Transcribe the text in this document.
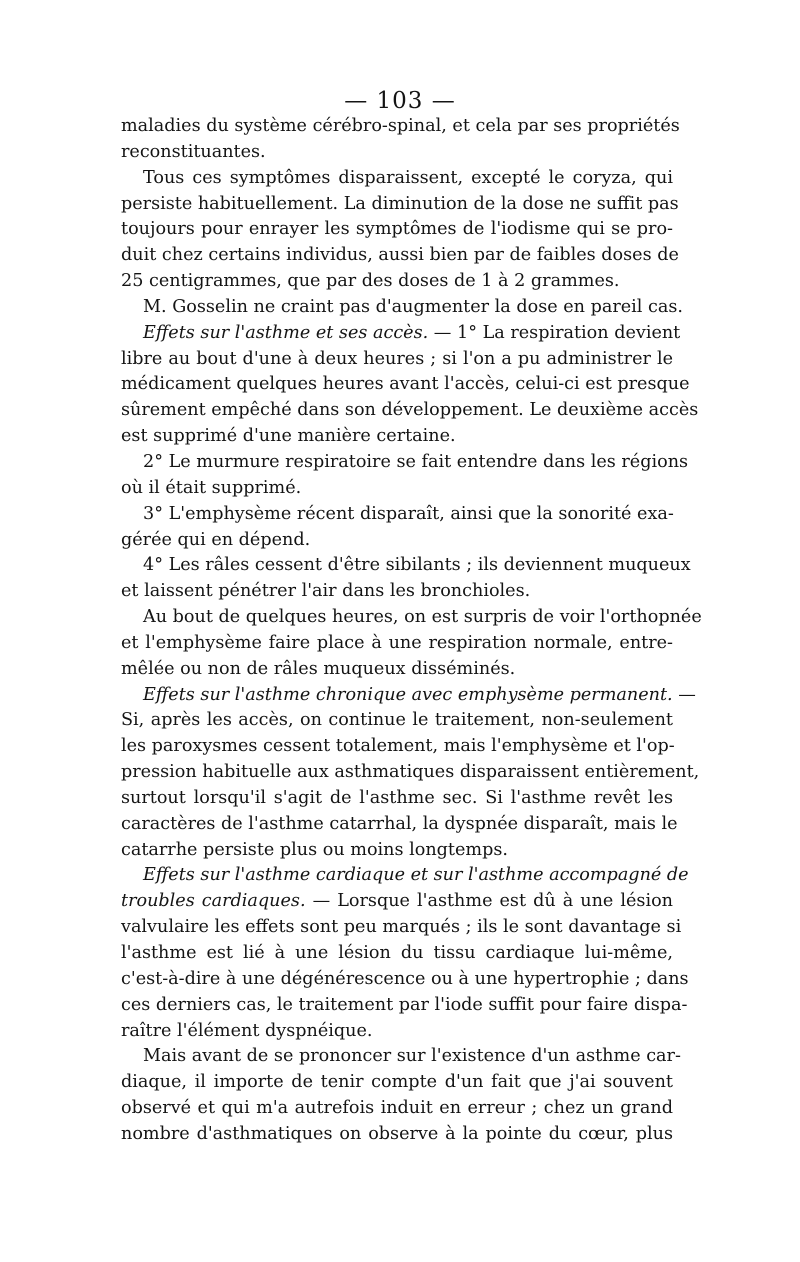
— 103 —
maladies du système cérébro-spinal, et cela par ses propriétés
reconstituantes.
Tous ces symptômes disparaissent, excepté le coryza, qui
persiste habituellement. La diminution de la dose ne suffit pas
toujours pour enrayer les symptômes de l'iodisme qui se pro-
duit chez certains individus, aussi bien par de faibles doses de
25 centigrammes, que par des doses de 1 à 2 grammes.
M. Gosselin ne craint pas d'augmenter la dose en pareil cas.
Effets sur l'asthme et ses accès. — 1° La respiration devient
libre au bout d'une à deux heures ; si l'on a pu administrer le
médicament quelques heures avant l'accès, celui-ci est presque
sûrement empêché dans son développement. Le deuxième accès
est supprimé d'une manière certaine.
2° Le murmure respiratoire se fait entendre dans les régions
où il était supprimé.
3° L'emphysème récent disparaît, ainsi que la sonorité exa-
gérée qui en dépend.
4° Les râles cessent d'être sibilants ; ils deviennent muqueux
et laissent pénétrer l'air dans les bronchioles.
Au bout de quelques heures, on est surpris de voir l'orthopnée
et l'emphysème faire place à une respiration normale, entre-
mêlée ou non de râles muqueux disséminés.
Effets sur l'asthme chronique avec emphysème permanent. —
Si, après les accès, on continue le traitement, non-seulement
les paroxysmes cessent totalement, mais l'emphysème et l'op-
pression habituelle aux asthmatiques disparaissent entièrement,
surtout lorsqu'il s'agit de l'asthme sec. Si l'asthme revêt les
caractères de l'asthme catarrhal, la dyspnée disparaît, mais le
catarrhe persiste plus ou moins longtemps.
Effets sur l'asthme cardiaque et sur l'asthme accompagné de
troubles cardiaques. — Lorsque l'asthme est dû à une lésion
valvulaire les effets sont peu marqués ; ils le sont davantage si
l'asthme est lié à une lésion du tissu cardiaque lui-même,
c'est-à-dire à une dégénérescence ou à une hypertrophie ; dans
ces derniers cas, le traitement par l'iode suffit pour faire dispa-
raître l'élément dyspnéique.
Mais avant de se prononcer sur l'existence d'un asthme car-
diaque, il importe de tenir compte d'un fait que j'ai souvent
observé et qui m'a autrefois induit en erreur ; chez un grand
nombre d'asthmatiques on observe à la pointe du cœur, plus
